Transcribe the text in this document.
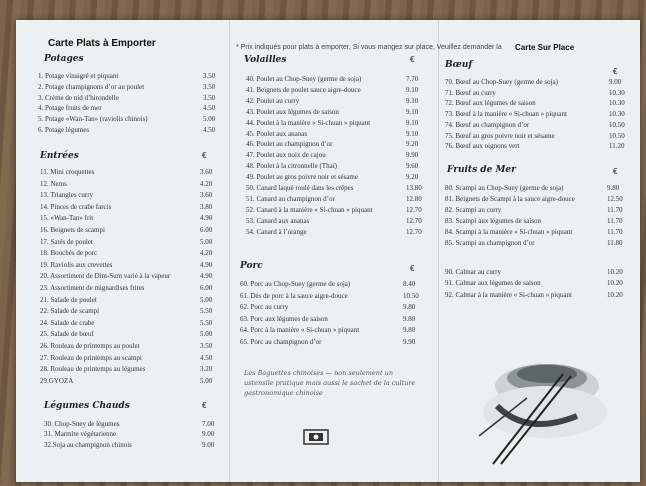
Carte Plats à Emporter	* Prix indiqués pour plats à emporter, Si vous mangez sur place, Veuillez demander la Carte Sur Place
Potages
1. Potage vinaigré et piquant	3.50
2. Potage champignons d’or au poulet	3.50
3. Crème de nid d’hirondelle	3.50
4. Potage fruits de mer	4.50
5. Potage «Wan-Tan» (raviolis chinois)	5.00
6. Potage légumes	4.50
Entrées	€
11. Mini croquettes	3.60
12. Nems	4.20
13. Triangles curry	3.60
14. Pinces de crabe farcis	3.80
15. «Wan-Tan» frit	4.90
16. Beignets de scampi	6.00
17. Satés de poulet	5.00
18. Bouchés de porc	4.20
19. Raviolis aux crevettes	4.90
20. Assortiment de Dim-Sum varié à la vapeur	4.90
23. Assortiment de mignardises frites	6.00
21. Salade de poulet	5.00
22. Salade de scampi	5.50
24. Salade de crabe	5.50
25. Salade de bœuf	5.00
26. Rouleau de printemps au poulet	3.50
27. Rouleau de printemps au scampi	4.50
28. Rouleau de printemps au légumes	3.20
29.GYOZA	5.00
Légumes Chauds	€
30. Chop-Suey de légumes	7.00
31. Marmite végétarienne	9.00
32.Soja au champignon chinois	9.00
Volailles	€
40. Poulet au Chop-Suey (germe de soja)	7.70
41. Beignets de poulet sauce aigre-douce	9.10
42. Poulet au curry	9.10
43. Poulet aux légumes de saison	9.10
44. Poulet à la manière « Si-chuan » piquant	9.10
45. Poulet aux ananas	9.10
46. Poulet au champignon d’or	9.20
47. Poulet aux noix de cajou	9.90
48. Poulet à la citronnelle (Thaï)	9.60
49. Poulet au gros poivre noir et sésame	9.20
50. Canard laqué roulé dans les crêpes	13.80
51. Canard au champignon d’or	12.80
52. Canard à la manière « Si-chuan » piquant	12.70
53. Canard aux ananas	12.70
54. Canard à l’orange	12.70
Porc	€
60. Porc au Chop-Suey (germe de soja)	8.40
61. Dés de porc à la sauce aigre-douce	10.50
62. Porc au curry	9.80
63. Porc aux légumes de saison	9.80
64. Porc à la manière « Si-chuan » piquant	9.80
65. Porc au champignon d’or	9.90
Les Baguettes chinoises — non seulement un ustensile pratique mais aussi le sachet de la culture gastronomique chinoise
Bœuf
€
70. Bœuf au Chop-Suey (germe de soja)	9.00
71. Bœuf au curry	10.30
72. Bœuf aux légumes de saison	10.30
73. Bœuf à la manière « Si-chuan » piquant	10.30
74. Bœuf au champignon d’or	10.50
75. Bœuf au gros poivre noir et sésame	10.50
76. Bœuf aux oignons vert	11.20
Fruits de Mer	€
80. Scampi au Chop-Suey (germe de soja)	9.80
81. Beignets de Scampi à la sauce aigre-douce	12.50
82. Scampi au curry	11.70
83. Scampi aux légumes de saison	11.70
84. Scampi à la manière « Si-chuan » piquant	11.70
85. Scampi au champignon d’or	11.80
90. Calmar au curry	10.20
91. Calmar aux légumes de saison	10.20
92. Calmar à la manière « Si-chuan » piquant	10.20
